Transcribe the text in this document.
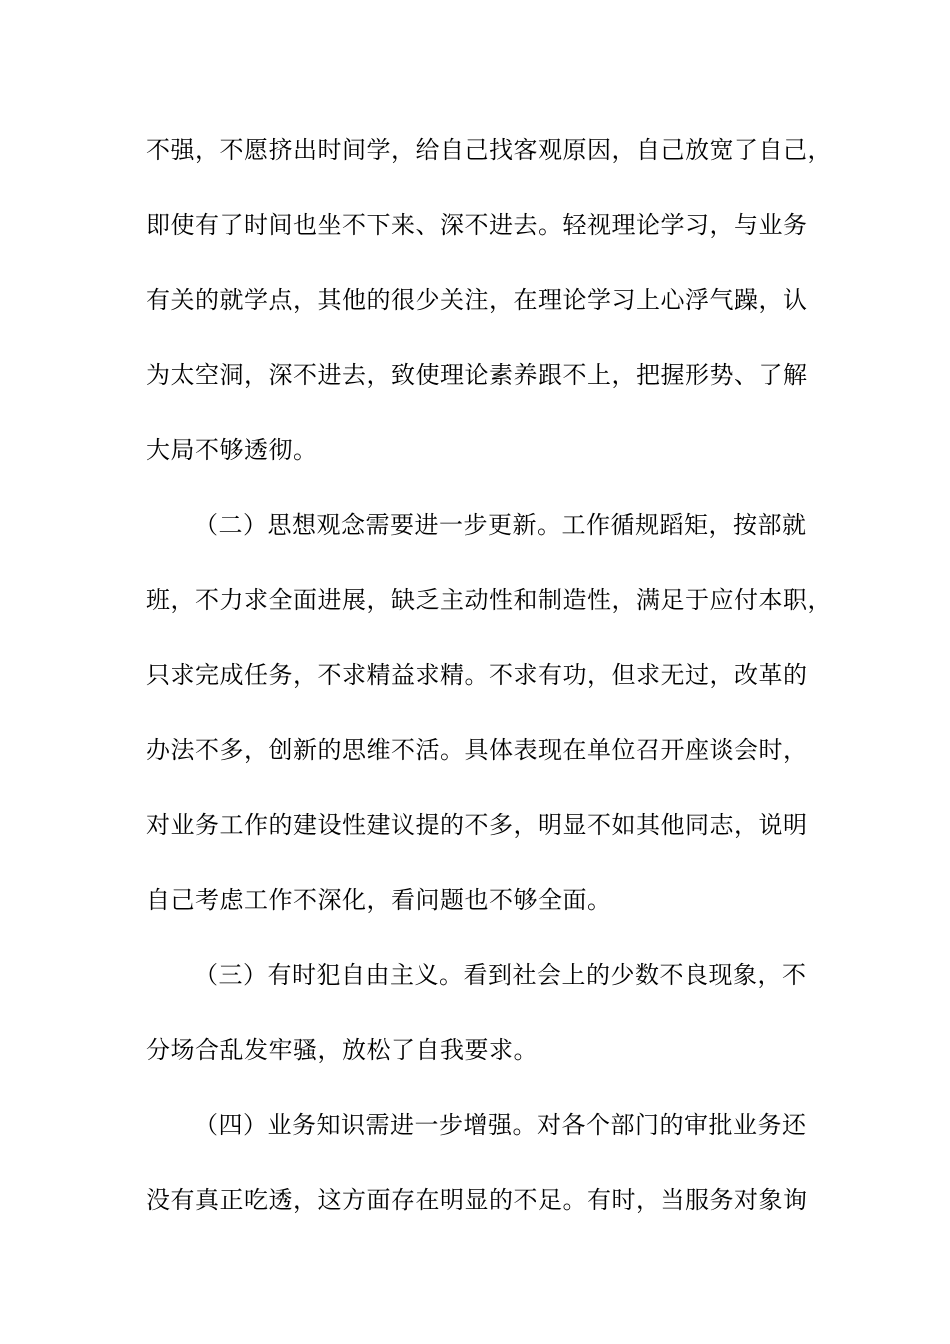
不强，不愿挤出时间学，给自己找客观原因，自己放宽了自己，
即使有了时间也坐不下来、深不进去。轻视理论学习，与业务
有关的就学点，其他的很少关注，在理论学习上心浮气躁，认
为太空洞，深不进去，致使理论素养跟不上，把握形势、了解
大局不够透彻。
（二）思想观念需要进一步更新。工作循规蹈矩，按部就
班，不力求全面进展，缺乏主动性和制造性，满足于应付本职，
只求完成任务，不求精益求精。不求有功，但求无过，改革的
办法不多，创新的思维不活。具体表现在单位召开座谈会时，
对业务工作的建设性建议提的不多，明显不如其他同志，说明
自己考虑工作不深化，看问题也不够全面。
（三）有时犯自由主义。看到社会上的少数不良现象，不
分场合乱发牢骚，放松了自我要求。
（四）业务知识需进一步增强。对各个部门的审批业务还
没有真正吃透，这方面存在明显的不足。有时，当服务对象询
